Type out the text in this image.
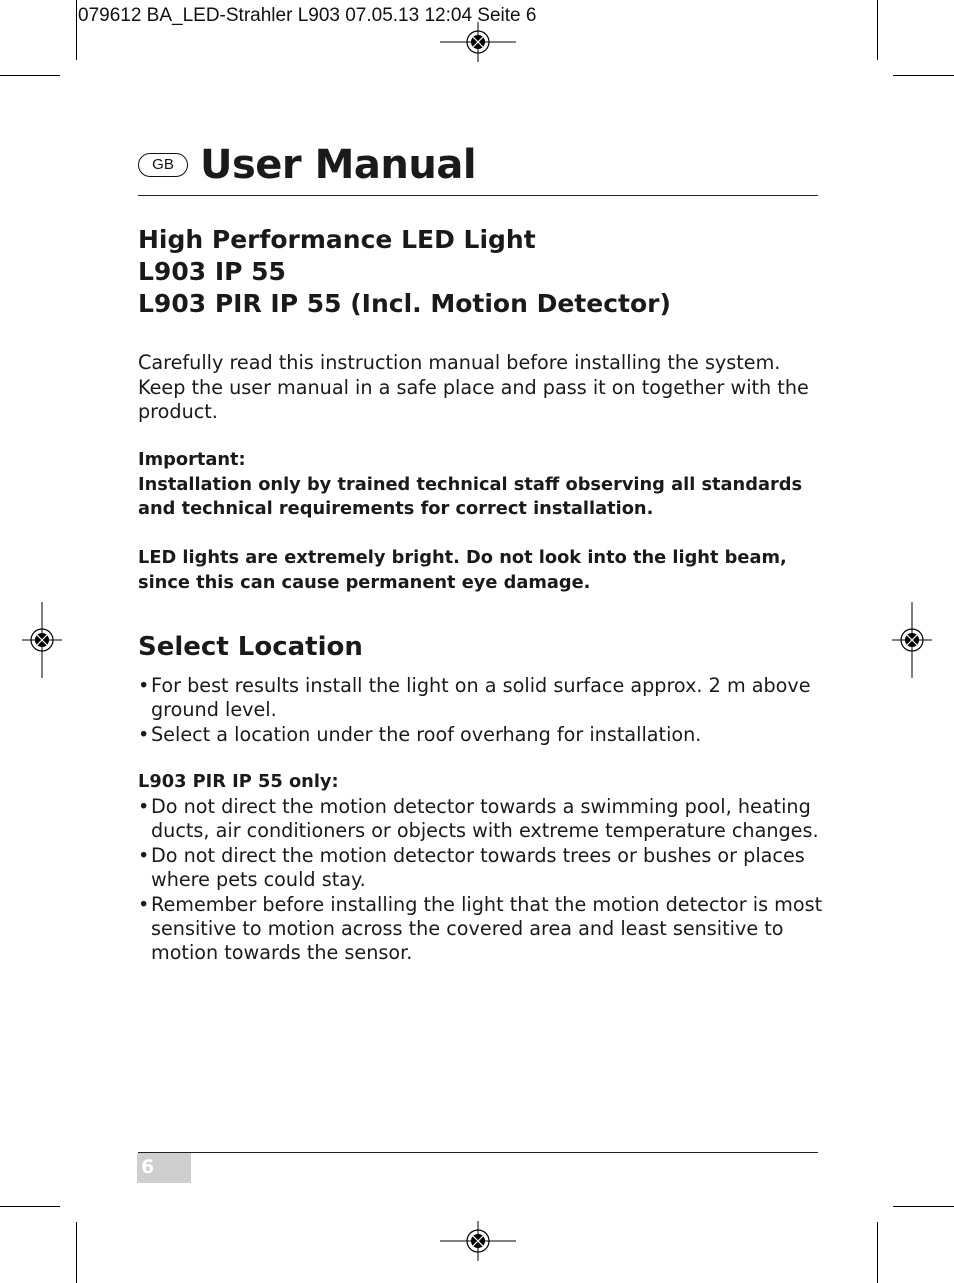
079612 BA_LED-Strahler L903 07.05.13 12:04 Seite 6
GB User Manual
High Performance LED Light
L903 IP 55
L903 PIR IP 55 (Incl. Motion Detector)
Carefully read this instruction manual before installing the system. Keep the user manual in a safe place and pass it on together with the product.
Important:
Installation only by trained technical staff observing all standards and technical requirements for correct installation.
LED lights are extremely bright. Do not look into the light beam, since this can cause permanent eye damage.
Select Location
• For best results install the light on a solid surface approx. 2 m above ground level.
• Select a location under the roof overhang for installation.
L903 PIR IP 55 only:
• Do not direct the motion detector towards a swimming pool, heating ducts, air conditioners or objects with extreme temperature changes.
• Do not direct the motion detector towards trees or bushes or places where pets could stay.
• Remember before installing the light that the motion detector is most sensitive to motion across the covered area and least sensitive to motion towards the sensor.
6
